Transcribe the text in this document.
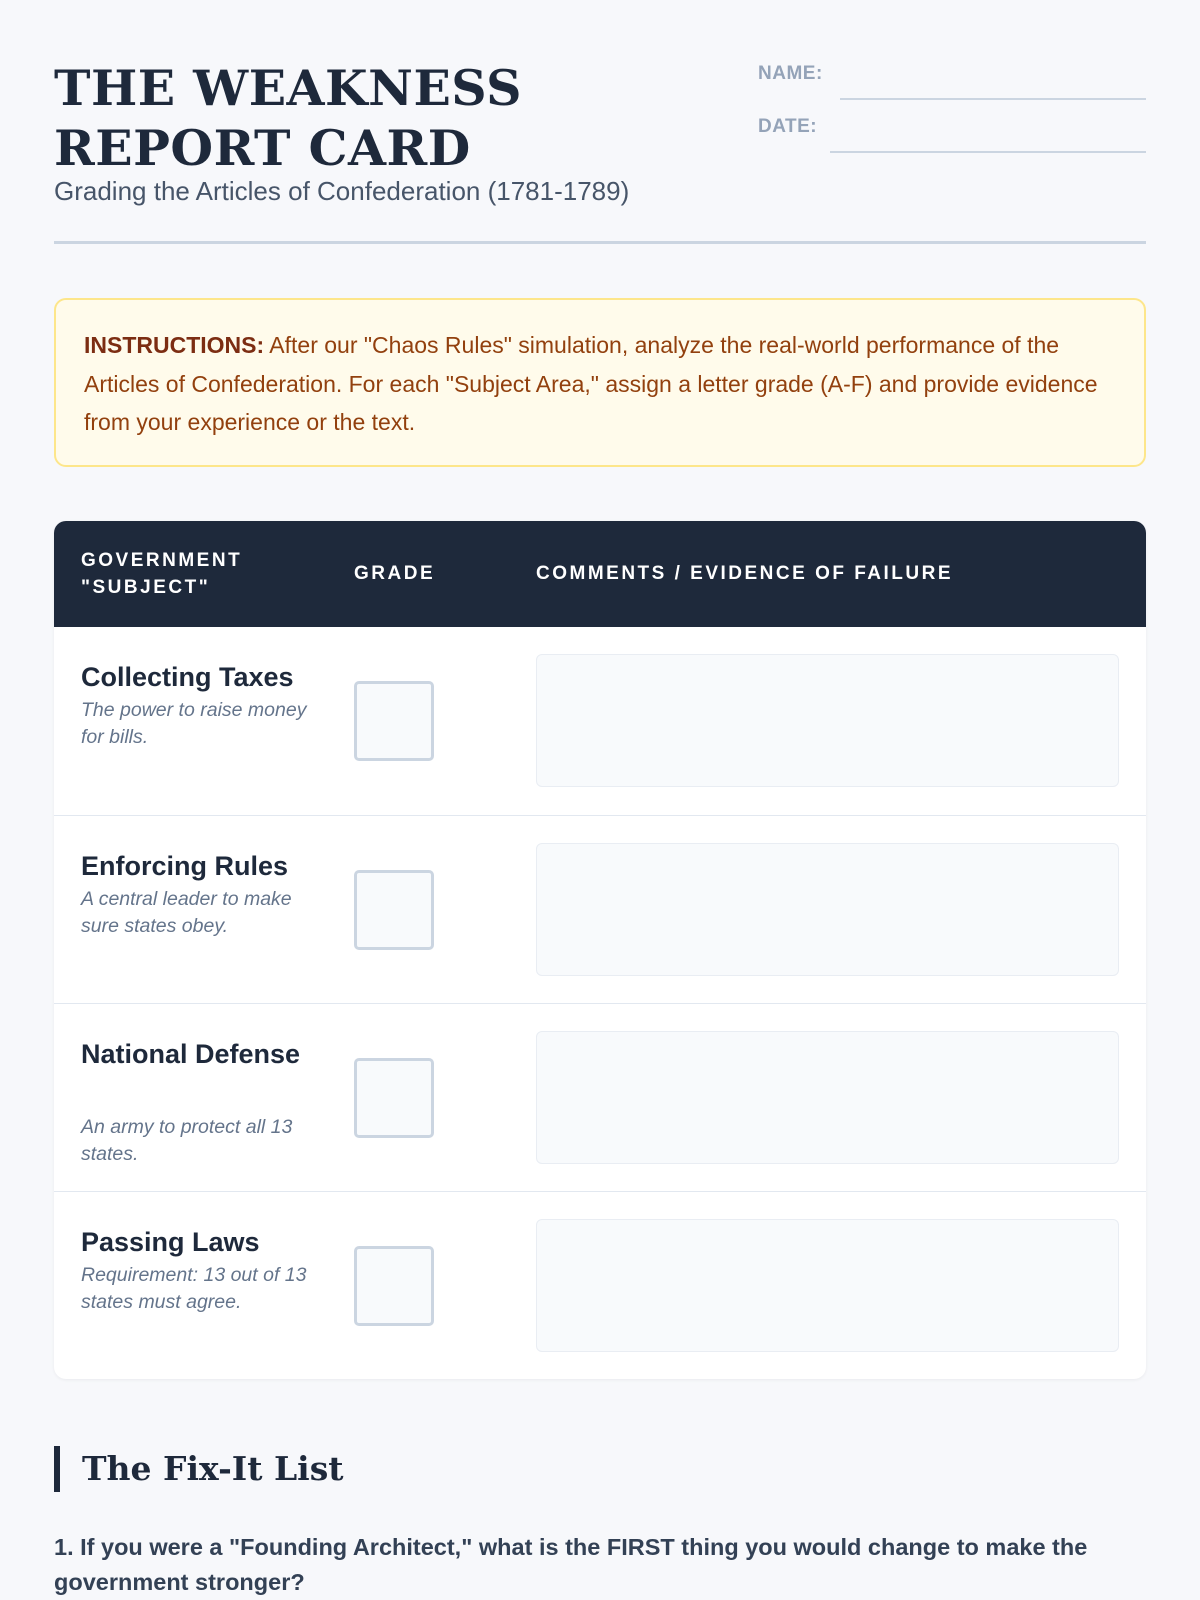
THE WEAKNESS REPORT CARD
Grading the Articles of Confederation (1781-1789)
NAME:
DATE:
INSTRUCTIONS: After our "Chaos Rules" simulation, analyze the real-world performance of the Articles of Confederation. For each "Subject Area," assign a letter grade (A-F) and provide evidence from your experience or the text.
GOVERNMENT "SUBJECT"
GRADE	COMMENTS / EVIDENCE OF FAILURE
Collecting Taxes
The power to raise money for bills.
Enforcing Rules
A central leader to make sure states obey.
National Defense
An army to protect all 13 states.
Passing Laws
Requirement: 13 out of 13 states must agree.
The Fix-It List

1. If you were a "Founding Architect," what is the FIRST thing you would change to make the government stronger?
